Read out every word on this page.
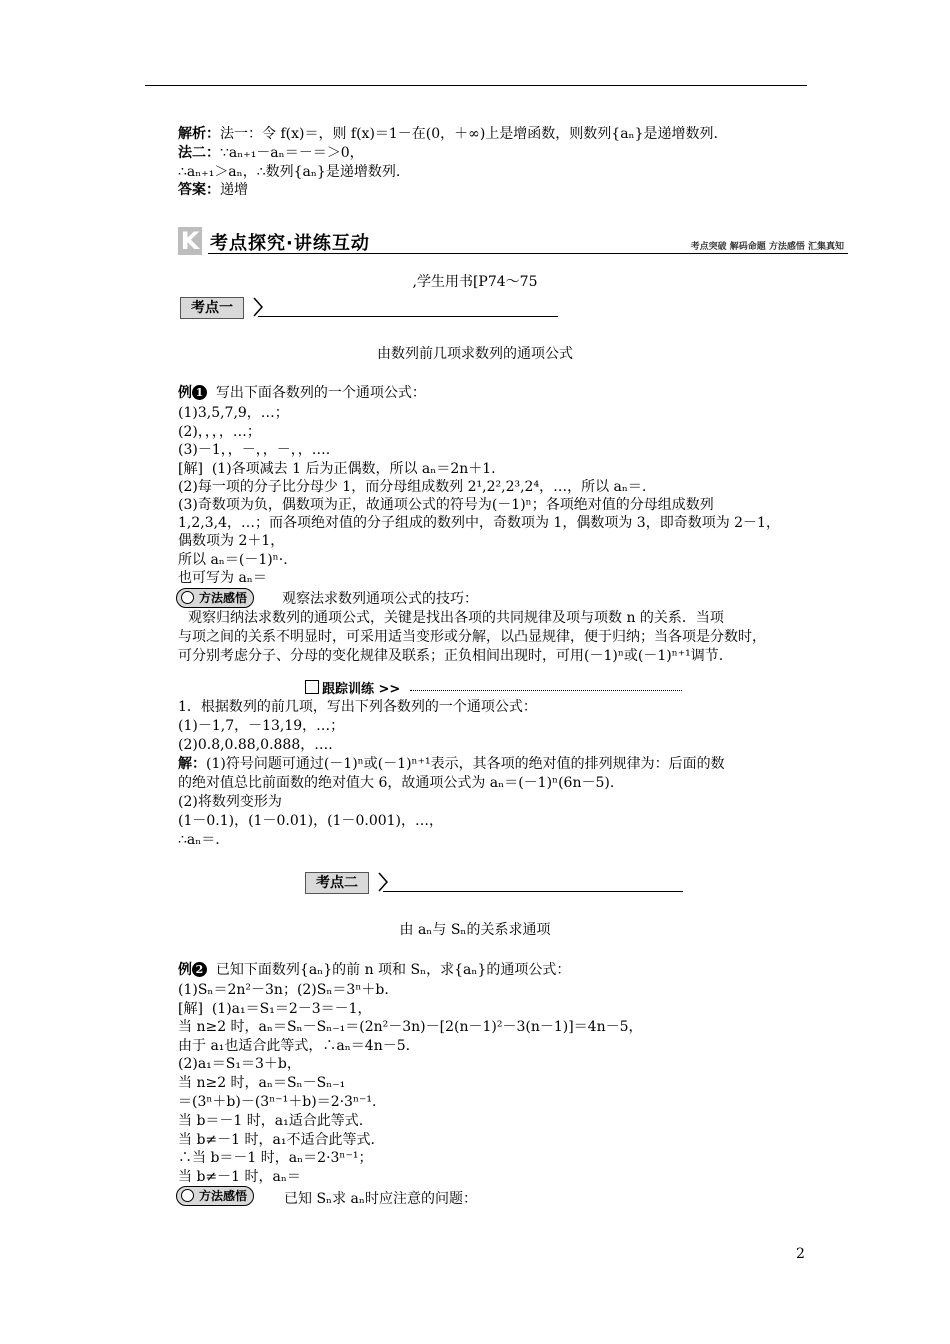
解析：法一：令 f(x)＝，则 f(x)＝1－在(0，＋∞)上是增函数，则数列{aₙ}是递增数列.
法二：∵aₙ₊₁－aₙ＝－＝＞0，
∴aₙ₊₁＞aₙ，∴数列{aₙ}是递增数列.
答案：递增
K 考点探究·讲练互动	考点突破 解码命题 方法感悟 汇集真知
,学生用书[P74～75
考点一
由数列前几项求数列的通项公式
例 1 写出下面各数列的一个通项公式：
(1)3,5,7,9，…；
(2)，，，，…；
(3)－1，，－，，－，，….
[解] (1)各项减去 1 后为正偶数，所以 aₙ＝2n＋1.
(2)每一项的分子比分母少 1，而分母组成数列 2¹,2²,2³,2⁴，…，所以 aₙ＝.
(3)奇数项为负，偶数项为正，故通项公式的符号为(－1)ⁿ；各项绝对值的分母组成数列
1,2,3,4，…；而各项绝对值的分子组成的数列中，奇数项为 1，偶数项为 3，即奇数项为 2－1，
偶数项为 2＋1，
所以 aₙ＝(－1)ⁿ·.
也可写为 aₙ＝
方法感悟	观察法求数列通项公式的技巧：
观察归纳法求数列的通项公式，关键是找出各项的共同规律及项与项数 n 的关系．当项
与项之间的关系不明显时，可采用适当变形或分解，以凸显规律，便于归纳；当各项是分数时，
可分别考虑分子、分母的变化规律及联系；正负相间出现时，可用(－1)ⁿ或(－1)ⁿ⁺¹调节.
跟踪训练 >>
1．根据数列的前几项，写出下列各数列的一个通项公式：
(1)－1,7，－13,19，…；
(2)0.8,0.88,0.888，….
解：(1)符号问题可通过(－1)ⁿ或(－1)ⁿ⁺¹表示，其各项的绝对值的排列规律为：后面的数
的绝对值总比前面数的绝对值大 6，故通项公式为 aₙ＝(－1)ⁿ(6n－5).
(2)将数列变形为
(1－0.1)，(1－0.01)，(1－0.001)，…，
∴aₙ＝.
考点二
由 aₙ与 Sₙ的关系求通项
例 2 已知下面数列{aₙ}的前 n 项和 Sₙ，求{aₙ}的通项公式：
(1)Sₙ＝2n²－3n；(2)Sₙ＝3ⁿ＋b.
[解] (1)a₁＝S₁＝2－3＝－1，
当 n≥2 时，aₙ＝Sₙ－Sₙ₋₁＝(2n²－3n)－[2(n－1)²－3(n－1)]＝4n－5，
由于 a₁也适合此等式，∴aₙ＝4n－5.
(2)a₁＝S₁＝3＋b，
当 n≥2 时，aₙ＝Sₙ－Sₙ₋₁
＝(3ⁿ＋b)－(3ⁿ⁻¹＋b)＝2·3ⁿ⁻¹.
当 b＝－1 时，a₁适合此等式.
当 b≠－1 时，a₁不适合此等式.
∴当 b＝－1 时，aₙ＝2·3ⁿ⁻¹；
当 b≠－1 时，aₙ＝
方法感悟	已知 Sₙ求 aₙ时应注意的问题：
2
